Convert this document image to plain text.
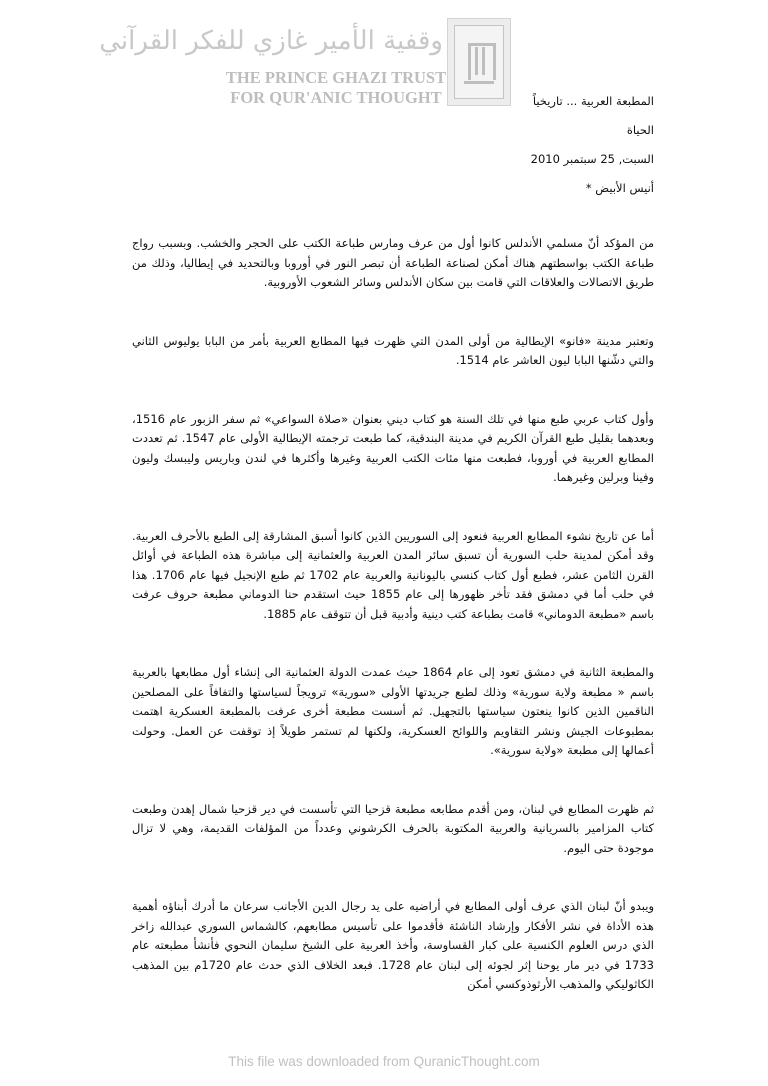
وقفية الأمير غازي للفكر القرآني
THE PRINCE GHAZI TRUST
FOR QUR'ANIC THOUGHT	المطبعة العربية ... تاريخياً

الحياة

السبت, 25 سبتمبر 2010

أنيس الأبيض *

من المؤكد أنّ مسلمي الأندلس كانوا أول من عرف ومارس طباعة الكتب على الحجر والخشب. وبسبب رواج طباعة الكتب بواسطتهم هناك أمكن لصناعة الطباعة أن تبصر النور في أوروبا وبالتحديد في إيطاليا، وذلك من طريق الاتصالات والعلاقات التي قامت بين سكان الأندلس وسائر الشعوب الأوروبية.

وتعتبر مدينة «فانو» الإيطالية من أولى المدن التي ظهرت فيها المطابع العربية بأمر من البابا يوليوس الثاني والتي دشّنها البابا ليون العاشر عام 1514.

وأول كتاب عربي طبع منها في تلك السنة هو كتاب ديني بعنوان «صلاة السواعي» ثم سفر الزبور عام 1516، وبعدهما بقليل طبع القرآن الكريم في مدينة البندقية، كما طبعت ترجمته الإيطالية الأولى عام 1547. ثم تعددت المطابع العربية في أوروبا، فطبعت منها مئات الكتب العربية وغيرها وأكثرها في لندن وباريس وليبسك وليون وفينا وبرلين وغيرهما.

أما عن تاريخ نشوء المطابع العربية فنعود إلى السوريين الذين كانوا أسبق المشارقة إلى الطبع بالأحرف العربية. وقد أمكن لمدينة حلب السورية أن تسبق سائر المدن العربية والعثمانية إلى مباشرة هذه الطباعة في أوائل القرن الثامن عشر، فطبع أول كتاب كنسي باليونانية والعربية عام 1702 ثم طبع الإنجيل فيها عام 1706. هذا في حلب أما في دمشق فقد تأخر ظهورها إلى عام 1855 حيث استقدم حنا الدوماني مطبعة حروف عرفت باسم «مطبعة الدوماني» قامت بطباعة كتب دينية وأدبية قبل أن تتوقف عام 1885.

والمطبعة الثانية في دمشق تعود إلى عام 1864 حيث عمدت الدولة العثمانية الى إنشاء أول مطابعها بالعربية باسم « مطبعة ولاية سورية» وذلك لطبع جريدتها الأولى «سورية» ترويجاً لسياستها والتفافاً على المصلحين الناقمين الذين كانوا ينعتون سياستها بالتجهيل. ثم أسست مطبعة أخرى عرفت بالمطبعة العسكرية اهتمت بمطبوعات الجيش ونشر التقاويم واللوائح العسكرية، ولكنها لم تستمر طويلاً إذ توقفت عن العمل. وحولت أعمالها إلى مطبعة «ولاية سورية».

ثم ظهرت المطابع في لبنان، ومن أقدم مطابعه مطبعة قزحيا التي تأسست في دير قزحيا شمال إهدن وطبعت كتاب المزامير بالسريانية والعربية المكتوبة بالحرف الكرشوني وعدداً من المؤلفات القديمة، وهي لا تزال موجودة حتى اليوم.

ويبدو أنّ لبنان الذي عرف أولى المطابع في أراضيه على يد رجال الدين الأجانب سرعان ما أدرك أبناؤه أهمية هذه الأداة في نشر الأفكار وإرشاد الناشئة فأقدموا على تأسيس مطابعهم، كالشماس السوري عبدالله زاخر الذي درس العلوم الكنسية على كبار القساوسة، وأخذ العربية على الشيخ سليمان النحوي فأنشأ مطبعته عام 1733 في دير مار يوحنا إثر لجوئه إلى لبنان عام 1728. فبعد الخلاف الذي حدث عام 1720م بين المذهب الكاثوليكي والمذهب الأرثوذوكسي أمكن

This file was downloaded from QuranicThought.com
